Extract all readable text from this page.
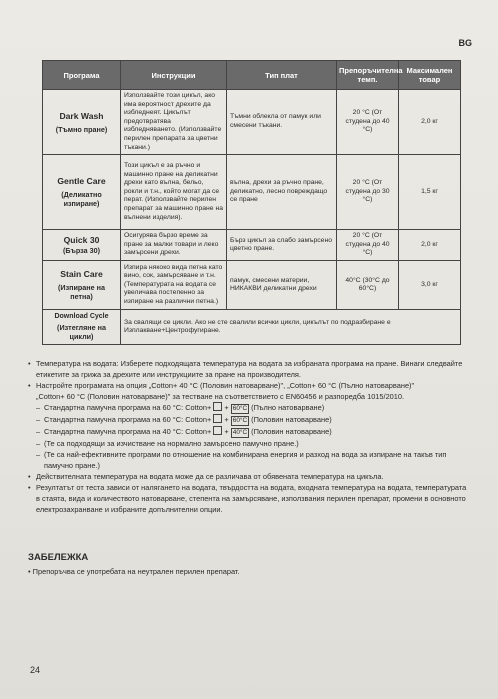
BG
Програма	Инструкции	Тип плат	Препоръчителна темп.	Максимален товар

Dark Wash
(Тъмно пране)	Използвайте този цикъл, ако има вероятност дрехите да избледнеят. Цикълът предотвратява избледняването. (Използвайте перилен препарата за цветни тъкани.)	Тъмни облекла от памук или смесени тъкани.	20 °C (От студена до 40 °C)	2,0 кг

Gentle Care
(Деликатно изпиране)	Този цикъл е за ръчно и машинно пране на деликатни дрехи като вълна, бельо, рокли и т.н., който могат да се перат. (Използвайте перилен препарат за машинно пране на вълнени изделия).	вълна, дрехи за ръчно пране, деликатно, лесно повреждащо се пране	20 °C (От студена до 30 °C)	1,5 кг

Quick 30
(Бърза 30)	Осигурява бързо време за пране за малки товари и леко замърсени дрехи.	Бърз цикъл за слабо замърсено цветно пране.	20 °C (От студена до 40 °C)	2,0 кг

Stain Care
(Изпиране на петна)	Изпира някоко вида петна като вино, сок, замърсяване и т.н. (Температурата на водата се увеличава постепенно за изпиране на различни петна.)	памук, смесени материи, НИКАКВИ деликатни дрехи	40°C (30°C до 60°C)	3,0 кг

Download Cycle
(Изтегляне на цикли)	За свалящи се цикли. Ако не сте свалили всички цикли, цикълът по подразбиране е Изплакване+Центрофугиране.			
• Температура на водата: Изберете подходящата температура на водата за избраната програма на пране. Винаги следвайте етикетите за грижа за дрехите или инструкциите за пране на производителя.
• Настройте програмата на опция „Cotton+ 40 °C (Половин натоварване)", „Cotton+ 60 °C (Пълно натоварване)"
„Cotton+ 60 °C (Половин натоварване)" за тестване на съответствието с EN60456 и разпоредба 1015/2010.
– Стандартна памучна програма на 60 °C: Cotton+  + 60°C (Пълно натоварване)
– Стандартна памучна програма на 60 °C: Cotton+  + 60°C (Половин натоварване)
– Стандартна памучна програма на 40 °C: Cotton+  + 40°C (Половин натоварване)
– (Те са подходящи за изчистване на нормално замърсено памучно пране.)
– (Те са най-ефективните програми по отношение на комбинирана енергия и разход на вода за изпиране на такъв тип памучно пране.)
• Действителната температура на водата може да се различава от обявената температура на цикъла.
• Резултатът от теста зависи от налягането на водата, твърдостта на водата, входната температура на водата, температурата в стаята, вида и количеството натоварване, степента на замърсяване, използвания перилен препарат, промени в основното електрозахранване и избраните допълнителни опции.
ЗАБЕЛЕЖКА
• Препоръчва се употребата на неутрален перилен препарат.
24
